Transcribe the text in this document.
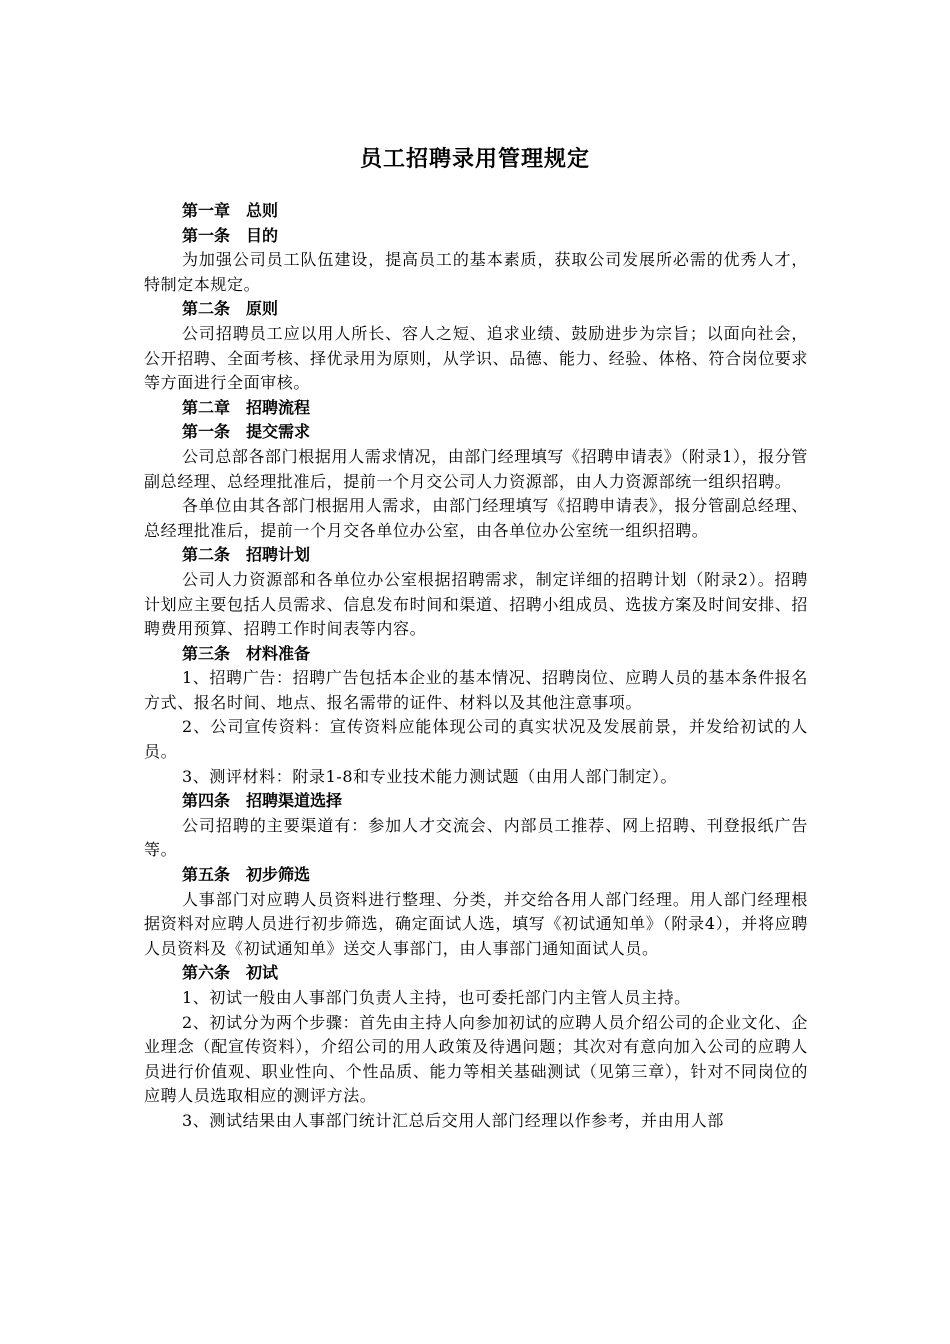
员工招聘录用管理规定
第一章　总则
第一条　目的
为加强公司员工队伍建设，提高员工的基本素质，获取公司发展所必需的优秀人才，特制定本规定。
第二条　原则
公司招聘员工应以用人所长、容人之短、追求业绩、鼓励进步为宗旨；以面向社会，公开招聘、全面考核、择优录用为原则，从学识、品德、能力、经验、体格、符合岗位要求等方面进行全面审核。
第二章　招聘流程
第一条　提交需求
公司总部各部门根据用人需求情况，由部门经理填写《招聘申请表》（附录1），报分管副总经理、总经理批准后，提前一个月交公司人力资源部，由人力资源部统一组织招聘。
各单位由其各部门根据用人需求，由部门经理填写《招聘申请表》，报分管副总经理、总经理批准后，提前一个月交各单位办公室，由各单位办公室统一组织招聘。
第二条　招聘计划
公司人力资源部和各单位办公室根据招聘需求，制定详细的招聘计划（附录2）。招聘计划应主要包括人员需求、信息发布时间和渠道、招聘小组成员、选拔方案及时间安排、招聘费用预算、招聘工作时间表等内容。
第三条　材料准备
1、招聘广告：招聘广告包括本企业的基本情况、招聘岗位、应聘人员的基本条件报名方式、报名时间、地点、报名需带的证件、材料以及其他注意事项。
2、公司宣传资料：宣传资料应能体现公司的真实状况及发展前景，并发给初试的人员。
3、测评材料：附录1-8和专业技术能力测试题（由用人部门制定）。
第四条　招聘渠道选择
公司招聘的主要渠道有：参加人才交流会、内部员工推荐、网上招聘、刊登报纸广告等。
第五条　初步筛选
人事部门对应聘人员资料进行整理、分类，并交给各用人部门经理。用人部门经理根据资料对应聘人员进行初步筛选，确定面试人选，填写《初试通知单》（附录4），并将应聘人员资料及《初试通知单》送交人事部门，由人事部门通知面试人员。
第六条　初试
1、初试一般由人事部门负责人主持，也可委托部门内主管人员主持。
2、初试分为两个步骤：首先由主持人向参加初试的应聘人员介绍公司的企业文化、企业理念（配宣传资料），介绍公司的用人政策及待遇问题；其次对有意向加入公司的应聘人员进行价值观、职业性向、个性品质、能力等相关基础测试（见第三章），针对不同岗位的应聘人员选取相应的测评方法。
3、测试结果由人事部门统计汇总后交用人部门经理以作参考，并由用人部
